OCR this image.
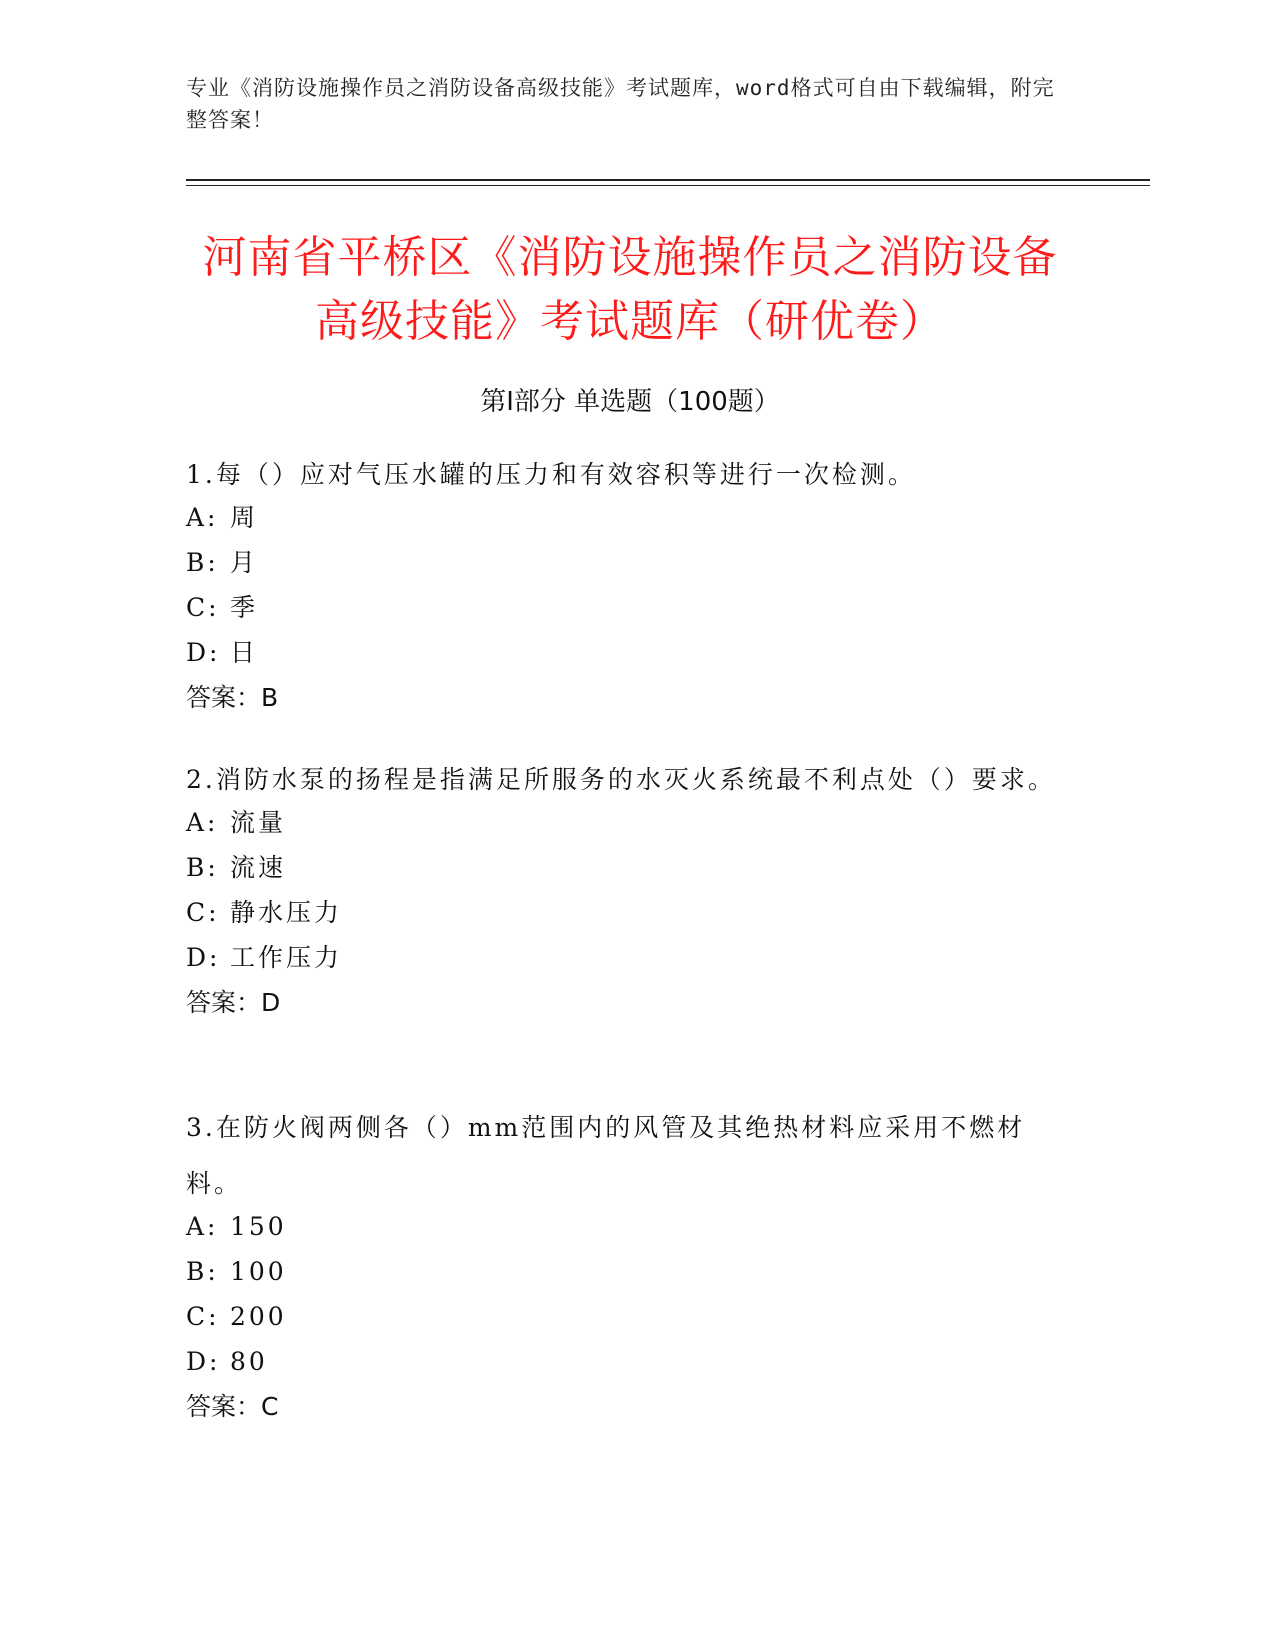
专业《消防设施操作员之消防设备高级技能》考试题库，word格式可自由下载编辑，附完整答案！
河南省平桥区《消防设施操作员之消防设备
高级技能》考试题库（研优卷）
第Ⅰ部分 单选题（100题）
1.每（）应对气压水罐的压力和有效容积等进行一次检测。
A: 周
B: 月
C: 季
D: 日
答案：B
2.消防水泵的扬程是指满足所服务的水灭火系统最不利点处（）要求。
A: 流量
B: 流速
C: 静水压力
D: 工作压力
答案：D
3.在防火阀两侧各（）mm范围内的风管及其绝热材料应采用不燃材料。
A: 150
B: 100
C: 200
D: 80
答案：C
